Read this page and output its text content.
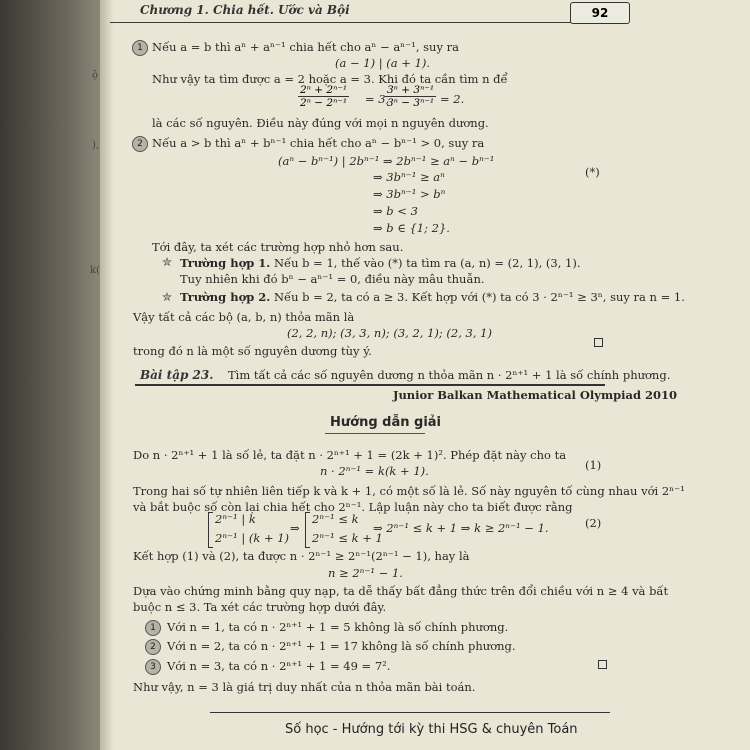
ộ
),
k(
Chương 1. Chia hết. Ước và Bội	92
1 Nếu a = b thì aⁿ + aⁿ⁻¹ chia hết cho aⁿ − aⁿ⁻¹, suy ra
(a − 1) | (a + 1).
Như vậy ta tìm được a = 2 hoặc a = 3. Khi đó ta cần tìm n để
$\frac{\text{2ⁿ + 2ⁿ⁻¹}}{\text{2ⁿ − 2ⁿ⁻¹}} = 3$,
$\frac{\text{3ⁿ + 3ⁿ⁻¹}}{\text{3ⁿ − 3ⁿ⁻¹}} = 2$.
là các số nguyên. Điều này đúng với mọi n nguyên dương.
2 Nếu a > b thì aⁿ + bⁿ⁻¹ chia hết cho aⁿ − bⁿ⁻¹ > 0, suy ra
(aⁿ − bⁿ⁻¹) | 2bⁿ⁻¹ ⇒ 2bⁿ⁻¹ ≥ aⁿ − bⁿ⁻¹
⇒ 3bⁿ⁻¹ ≥ aⁿ
⇒ 3bⁿ⁻¹ > bⁿ
⇒ b < 3
⇒ b ∈ {1; 2}.
(*)
Tới đây, ta xét các trường hợp nhỏ hơn sau.
✮ Trường hợp 1. Nếu b = 1, thế vào (*) ta tìm ra (a, n) = (2, 1), (3, 1).
Tuy nhiên khi đó bⁿ − aⁿ⁻¹ = 0, điều này mâu thuẫn.
✮ Trường hợp 2. Nếu b = 2, ta có a ≥ 3. Kết hợp với (*) ta có 3 · 2ⁿ⁻¹ ≥ 3ⁿ, suy ra n = 1.
Vậy tất cả các bộ (a, b, n) thỏa mãn là
(2, 2, n); (3, 3, n); (3, 2, 1); (2, 3, 1)
trong đó n là một số nguyên dương tùy ý.
Bài tập 23. Tìm tất cả các số nguyên dương n thỏa mãn n · 2ⁿ⁺¹ + 1 là số chính phương.
Junior Balkan Mathematical Olympiad 2010
Hướng dẫn giải
Do n · 2ⁿ⁺¹ + 1 là số lẻ, ta đặt n · 2ⁿ⁺¹ + 1 = (2k + 1)². Phép đặt này cho ta
n · 2ⁿ⁻¹ = k(k + 1).	(1)
Trong hai số tự nhiên liên tiếp k và k + 1, có một số là lẻ. Số này nguyên tố cùng nhau với 2ⁿ⁻¹
và bắt buộc số còn lại chia hết cho 2ⁿ⁻¹. Lập luận này cho ta biết được rằng
2ⁿ⁻¹ | k
2ⁿ⁻¹ | (k + 1)
⇒
2ⁿ⁻¹ ≤ k
2ⁿ⁻¹ ≤ k + 1
⇒ 2ⁿ⁻¹ ≤ k + 1 ⇒ k ≥ 2ⁿ⁻¹ − 1.	(2)
Kết hợp (1) và (2), ta được n · 2ⁿ⁻¹ ≥ 2ⁿ⁻¹(2ⁿ⁻¹ − 1), hay là
n ≥ 2ⁿ⁻¹ − 1.
Dựa vào chứng minh bằng quy nạp, ta dễ thấy bất đẳng thức trên đổi chiều với n ≥ 4 và bất
buộc n ≤ 3. Ta xét các trường hợp dưới đây.
1 Với n = 1, ta có n · 2ⁿ⁺¹ + 1 = 5 không là số chính phương.
2 Với n = 2, ta có n · 2ⁿ⁺¹ + 1 = 17 không là số chính phương.
3 Với n = 3, ta có n · 2ⁿ⁺¹ + 1 = 49 = 7².
Như vậy, n = 3 là giá trị duy nhất của n thỏa mãn bài toán.
Số học - Hướng tới kỳ thi HSG & chuyên Toán
